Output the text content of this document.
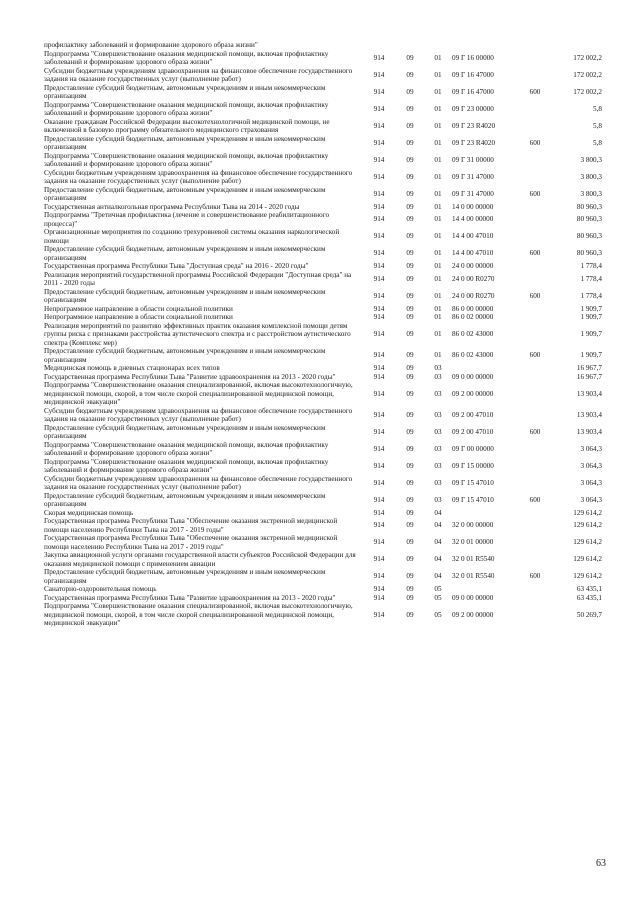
профилактику заболеваний и формирование здорового образа жизни"						
Подпрограмма "Совершенствование оказания медицинской помощи, включая профилактику заболеваний и формирование здорового образа жизни"	914	09	01	09 Г 16 00000		172 002,2
Субсидии бюджетным учреждениям здравоохранения на финансовое обеспечение государственного задания на оказание государственных услуг (выполнение работ)	914	09	01	09 Г 16 47000		172 002,2
Предоставление субсидий бюджетным, автономным учреждениям и иным некоммерческим организациям	914	09	01	09 Г 16 47000	600	172 002,2
Подпрограмма "Совершенствование оказания медицинской помощи, включая профилактику заболеваний и формирование здорового образа жизни"	914	09	01	09 Г 23 00000		5,8
Оказание гражданам Российской Федерации высокотехнологичной медицинской помощи, не включенной в базовую программу обязательного медицинского страхования	914	09	01	09 Г 23 R4020		5,8
Предоставление субсидий бюджетным, автономным учреждениям и иным некоммерческим организациям	914	09	01	09 Г 23 R4020	600	5,8
Подпрограмма "Совершенствование оказания медицинской помощи, включая профилактику заболеваний и формирование здорового образа жизни"	914	09	01	09 Г 31 00000		3 800,3
Субсидии бюджетным учреждениям здравоохранения на финансовое обеспечение государственного задания на оказание государственных услуг (выполнение работ)	914	09	01	09 Г 31 47000		3 800,3
Предоставление субсидий бюджетным, автономным учреждениям и иным некоммерческим организациям	914	09	01	09 Г 31 47000	600	3 800,3
Государственная антиалкогольная программа Республики Тыва на 2014 - 2020 годы	914	09	01	14 0 00 00000		80 960,3
Подпрограмма "Третичная профилактика (лечение и совершенствование реабилитационного процесса)"	914	09	01	14 4 00 00000		80 960,3
Организационные мероприятия по созданию трехуровневой системы оказания наркологической помощи	914	09	01	14 4 00 47010		80 960,3
Предоставление субсидий бюджетным, автономным учреждениям и иным некоммерческим организациям	914	09	01	14 4 00 47010	600	80 960,3
Государственная программа Республики Тыва "Доступная среда" на 2016 - 2020 годы"	914	09	01	24 0 00 00000		1 778,4
Реализация мероприятий государственной программы Российской Федерации "Доступная среда" на 2011 - 2020 годы	914	09	01	24 0 00 R0270		1 778,4
Предоставление субсидий бюджетным, автономным учреждениям и иным некоммерческим организациям	914	09	01	24 0 00 R0270	600	1 778,4
Непрограммное направление в области социальной политики	914	09	01	86 0 00 00000		1 909,7
Непрограммное направление в области социальной политики	914	09	01	86 0 02 00000		1 909,7
Реализация мероприятий по развитию эффективных практик оказания комплексной помощи детям группы риска с признаками расстройства аутистического спектра и с расстройством аутистического спектра (Комплекс мер)	914	09	01	86 0 02 43000		1 909,7
Предоставление субсидий бюджетным, автономным учреждениям и иным некоммерческим организациям	914	09	01	86 0 02 43000	600	1 909,7
Медицинская помощь в дневных стационарах всех типов	914	09	03			16 967,7
Государственная программа Республики Тыва "Развитие здравоохранения на 2013 - 2020 годы"	914	09	03	09 0 00 00000		16 967,7
Подпрограмма "Совершенствование оказания специализированной, включая высокотехнологичную, медицинской помощи, скорой, в том числе скорой специализированной медицинской помощи, медицинской эвакуации"	914	09	03	09 2 00 00000		13 903,4
Субсидии бюджетным учреждениям здравоохранения на финансовое обеспечение государственного задания на оказание государственных услуг (выполнение работ)	914	09	03	09 2 00 47010		13 903,4
Предоставление субсидий бюджетным, автономным учреждениям и иным некоммерческим организациям	914	09	03	09 2 00 47010	600	13 903,4
Подпрограмма "Совершенствование оказания медицинской помощи, включая профилактику заболеваний и формирование здорового образа жизни"	914	09	03	09 Г 00 00000		3 064,3
Подпрограмма "Совершенствование оказания медицинской помощи, включая профилактику заболеваний и формирование здорового образа жизни"	914	09	03	09 Г 15 00000		3 064,3
Субсидии бюджетным учреждениям здравоохранения на финансовое обеспечение государственного задания на оказание государственных услуг (выполнение работ)	914	09	03	09 Г 15 47010		3 064,3
Предоставление субсидий бюджетным, автономным учреждениям и иным некоммерческим организациям	914	09	03	09 Г 15 47010	600	3 064,3
Скорая медицинская помощь	914	09	04			129 614,2
Государственная программа Республики Тыва "Обеспечение оказания экстренной медицинской помощи населению Республики Тыва на 2017 - 2019 годы"	914	09	04	32 0 00 00000		129 614,2
Государственная программа Республики Тыва "Обеспечение оказания экстренной медицинской помощи населению Республики Тыва на 2017 - 2019 годы"	914	09	04	32 0 01 00000		129 614,2
Закупка авиационной услуги органами государственной власти субъектов Российской Федерации для оказания медицинской помощи с применением авиации	914	09	04	32 0 01 R5540		129 614,2
Предоставление субсидий бюджетным, автономным учреждениям и иным некоммерческим организациям	914	09	04	32 0 01 R5540	600	129 614,2
Санаторно-оздоровительная помощь	914	09	05			63 435,1
Государственная программа Республики Тыва "Развитие здравоохранения на 2013 - 2020 годы"	914	09	05	09 0 00 00000		63 435,1
Подпрограмма "Совершенствование оказания специализированной, включая высокотехнологичную, медицинской помощи, скорой, в том числе скорой специализированной медицинской помощи, медицинской эвакуации"	914	09	05	09 2 00 00000		50 269,7
63
